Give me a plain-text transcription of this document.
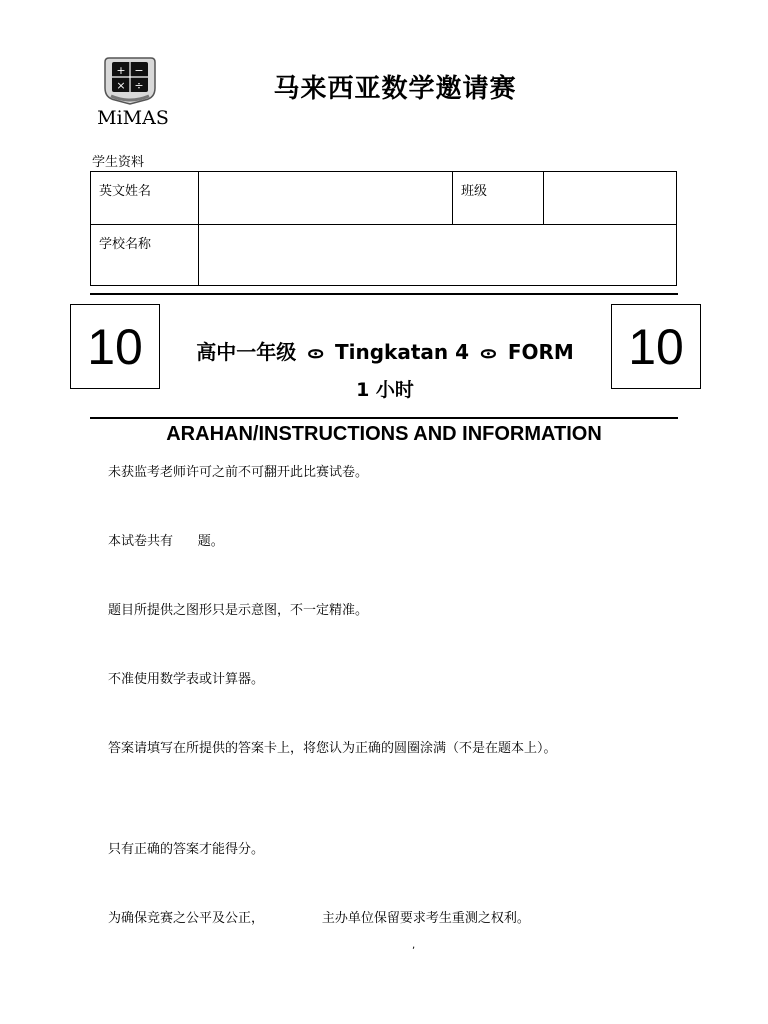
+ −
× ÷
MiMAS
马来西亚数学邀请赛
学生资料
英文姓名		班级	
学校名称			
10	10
高中一年级 ᯣ Tingkatan 4 ᯣ FORM
1 小时
ARAHAN/INSTRUCTIONS AND INFORMATION
未获监考老师许可之前不可翻开此比赛试卷。
本试卷共有      题。
题目所提供之图形只是示意图，不一定精准。
不准使用数学表或计算器。
答案请填写在所提供的答案卡上，将您认为正确的圆圈涂满（不是在题本上）。
只有正确的答案才能得分。
为确保竞赛之公平及公正，              主办单位保留要求考生重测之权利。
,
